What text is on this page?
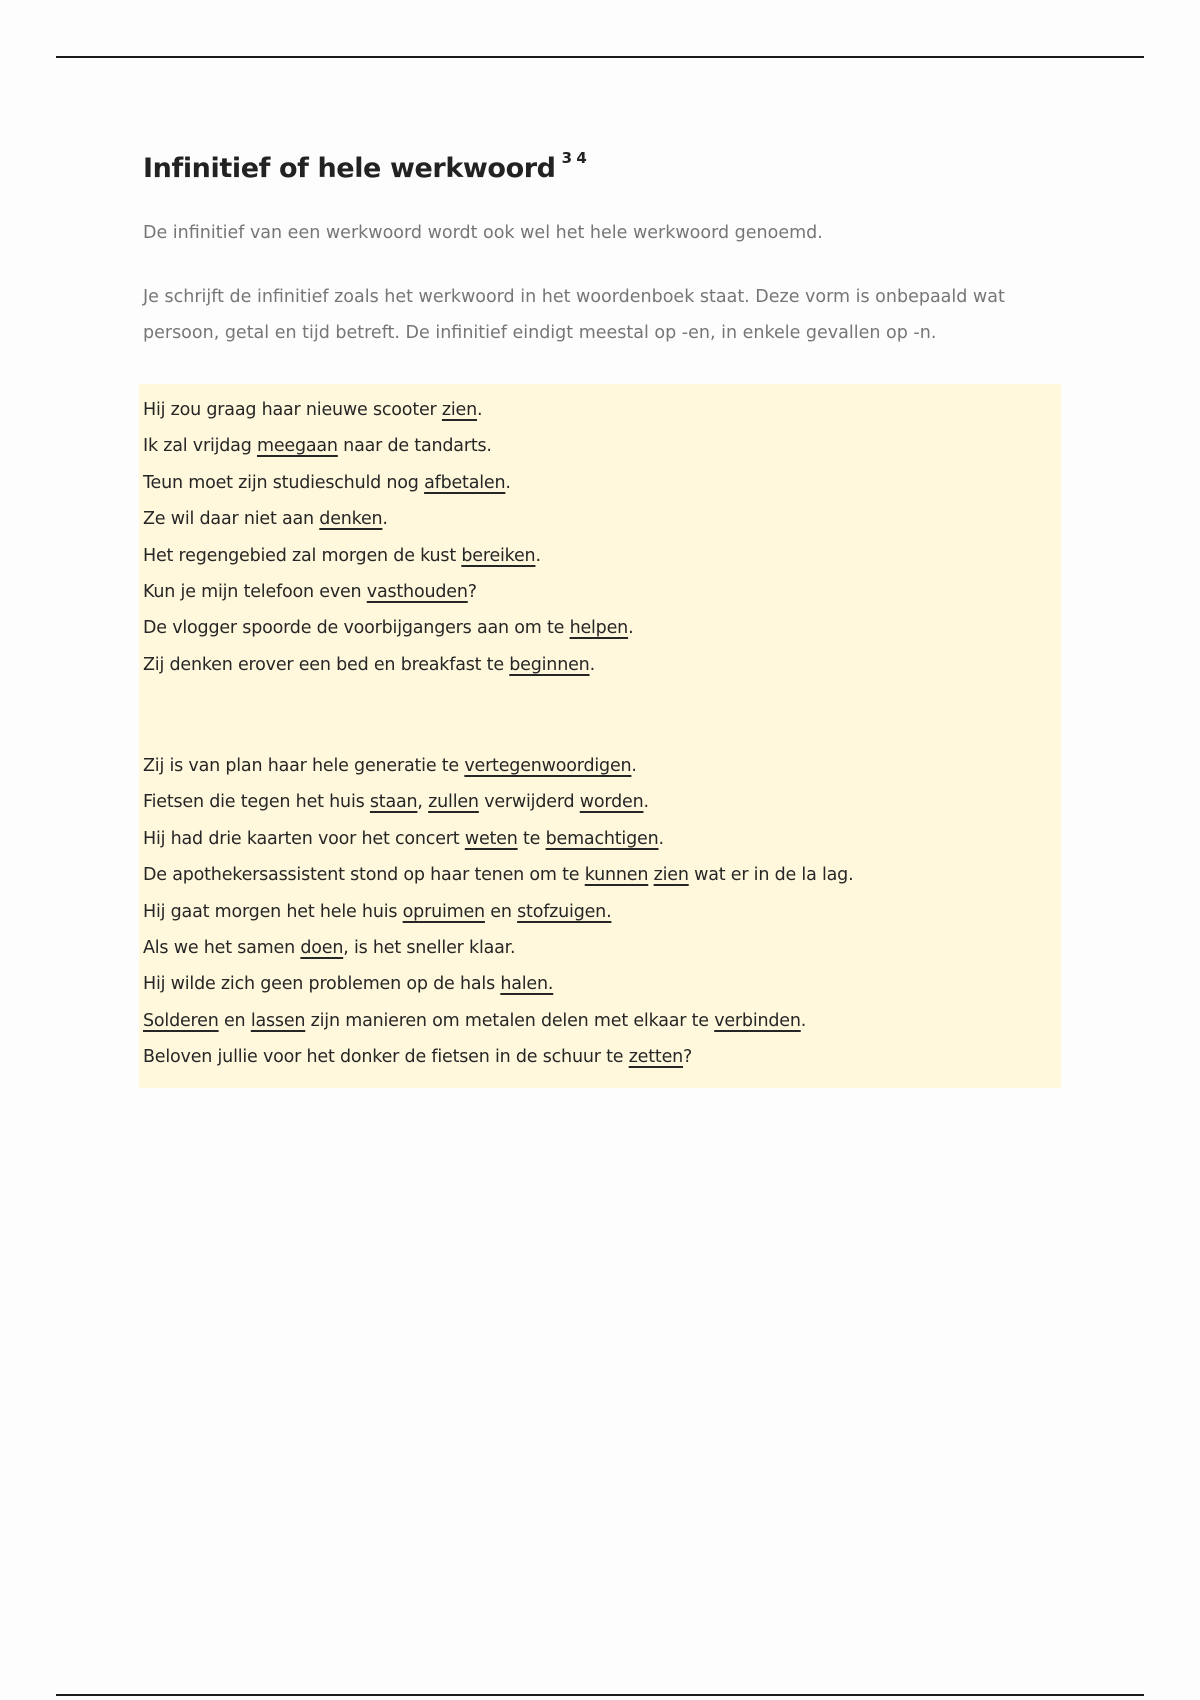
Infinitief of hele werkwoord $^{3 4}$

De infinitief van een werkwoord wordt ook wel het hele werkwoord genoemd.

Je schrijft de infinitief zoals het werkwoord in het woordenboek staat. Deze vorm is onbepaald wat persoon, getal en tijd betreft. De infinitief eindigt meestal op -en, in enkele gevallen op -n.

Hij zou graag haar nieuwe scooter zien.
Ik zal vrijdag meegaan naar de tandarts.
Teun moet zijn studieschuld nog afbetalen.
Ze wil daar niet aan denken.
Het regengebied zal morgen de kust bereiken.
Kun je mijn telefoon even vasthouden?
De vlogger spoorde de voorbijgangers aan om te helpen.
Zij denken erover een bed en breakfast te beginnen.
Zij is van plan haar hele generatie te vertegenwoordigen.
Fietsen die tegen het huis staan, zullen verwijderd worden.
Hij had drie kaarten voor het concert weten te bemachtigen.
De apothekersassistent stond op haar tenen om te kunnen zien wat er in de la lag.
Hij gaat morgen het hele huis opruimen en stofzuigen.
Als we het samen doen, is het sneller klaar.
Hij wilde zich geen problemen op de hals halen.
Solderen en lassen zijn manieren om metalen delen met elkaar te verbinden.
Beloven jullie voor het donker de fietsen in de schuur te zetten?
